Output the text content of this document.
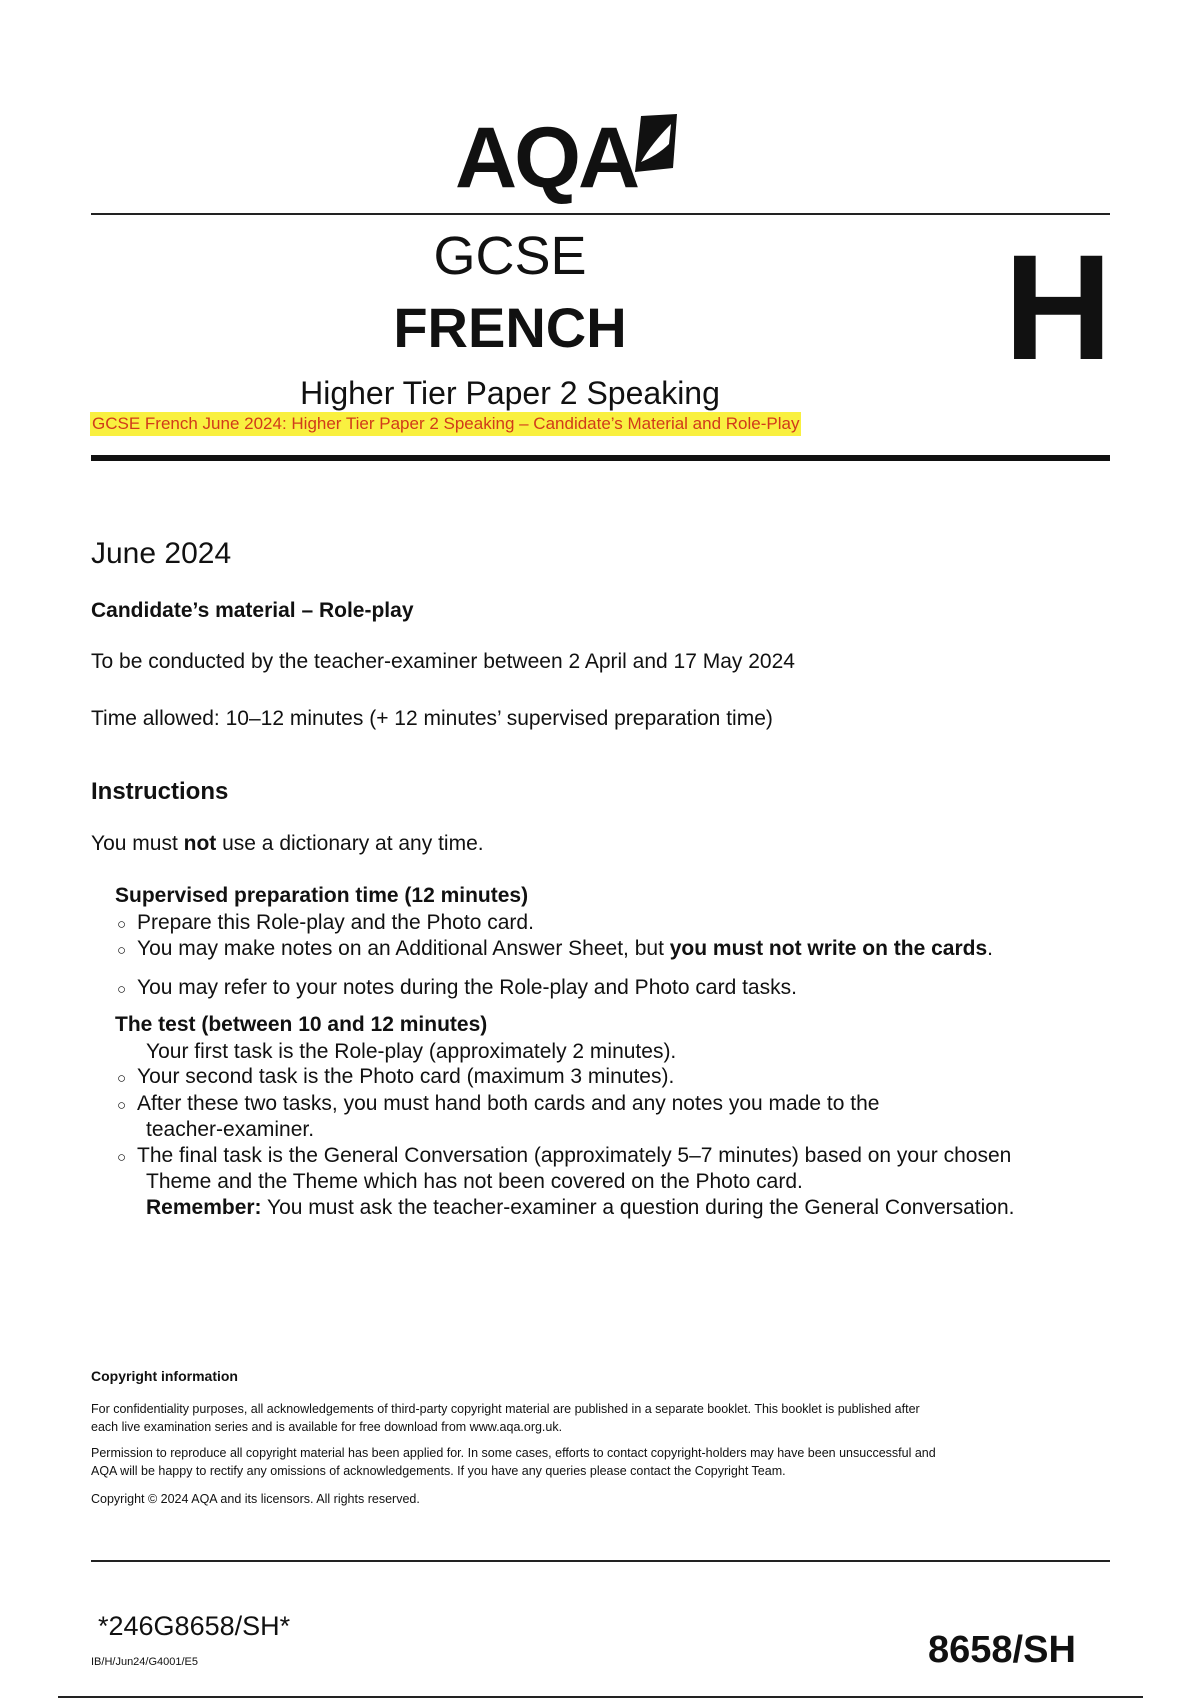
AQA
GCSE
FRENCH	H
Higher Tier Paper 2 Speaking
GCSE French June 2024: Higher Tier Paper 2 Speaking – Candidate’s Material and Role-Play
June 2024
Candidate’s material – Role-play
To be conducted by the teacher-examiner between 2 April and 17 May 2024
Time allowed: 10–12 minutes (+ 12 minutes’ supervised preparation time)
Instructions
You must not use a dictionary at any time.
Supervised preparation time (12 minutes)
○ Prepare this Role-play and the Photo card.
○ You may make notes on an Additional Answer Sheet, but you must not write on the cards.
○ You may refer to your notes during the Role-play and Photo card tasks.
The test (between 10 and 12 minutes)
Your first task is the Role-play (approximately 2 minutes).
○ Your second task is the Photo card (maximum 3 minutes).
○ After these two tasks, you must hand both cards and any notes you made to the
teacher-examiner.
○ The final task is the General Conversation (approximately 5–7 minutes) based on your chosen
Theme and the Theme which has not been covered on the Photo card.
Remember: You must ask the teacher-examiner a question during the General Conversation.
Copyright information
For confidentiality purposes, all acknowledgements of third-party copyright material are published in a separate booklet. This booklet is published after
each live examination series and is available for free download from www.aqa.org.uk.
Permission to reproduce all copyright material has been applied for. In some cases, efforts to contact copyright-holders may have been unsuccessful and
AQA will be happy to rectify any omissions of acknowledgements. If you have any queries please contact the Copyright Team.
Copyright © 2024 AQA and its licensors. All rights reserved.
*246G8658/SH*
IB/H/Jun24/G4001/E5	8658/SH
